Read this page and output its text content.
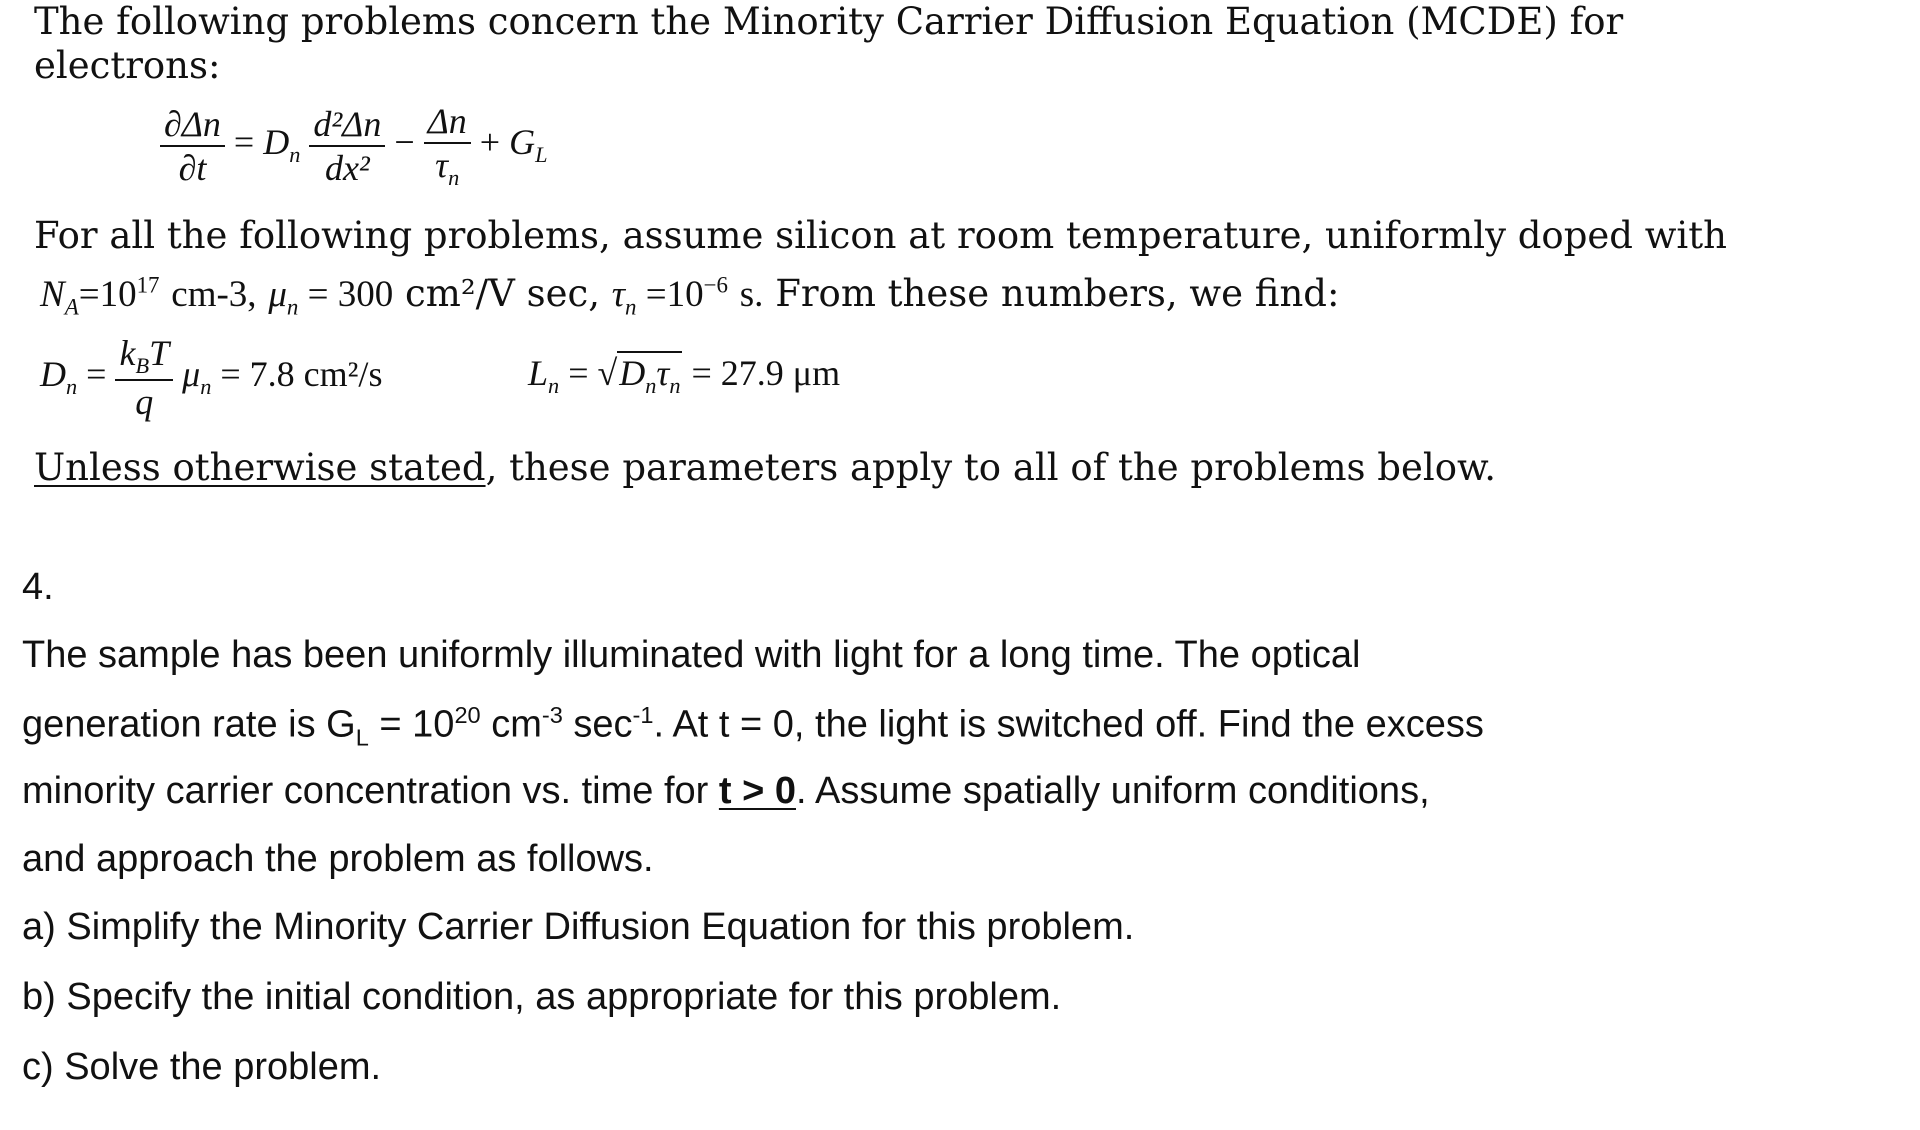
The following problems concern the Minority Carrier Diffusion Equation (MCDE) for
electrons:
$\frac{\partial\Delta n}{\partial t} = D_n \frac{\text{d²Δn}}{\text{dx²}} - \frac{\Delta n}{\tau_n} + G_L$
For all the following problems, assume silicon at room temperature, uniformly doped with
$N_A=10^{17}$ cm-3, $\mu_n = 300$ cm²/V sec, $\tau_n =10^{-6}$ s. From these numbers, we find:
$D_n = \frac{k_BT}{q} \mu_n = 7.8$ cm²/s	$L_n = √D_n\tau_n = 27.9$ μm
Unless otherwise stated, these parameters apply to all of the problems below.
4.
The sample has been uniformly illuminated with light for a long time. The optical
generation rate is $G_L = 10^{20}$ $cm^{-3}$ $\sec^{-1}$. At t = 0, the light is switched off. Find the excess
minority carrier concentration vs. time for t > 0. Assume spatially uniform conditions,
and approach the problem as follows.
a) Simplify the Minority Carrier Diffusion Equation for this problem.
b) Specify the initial condition, as appropriate for this problem.
c) Solve the problem.
